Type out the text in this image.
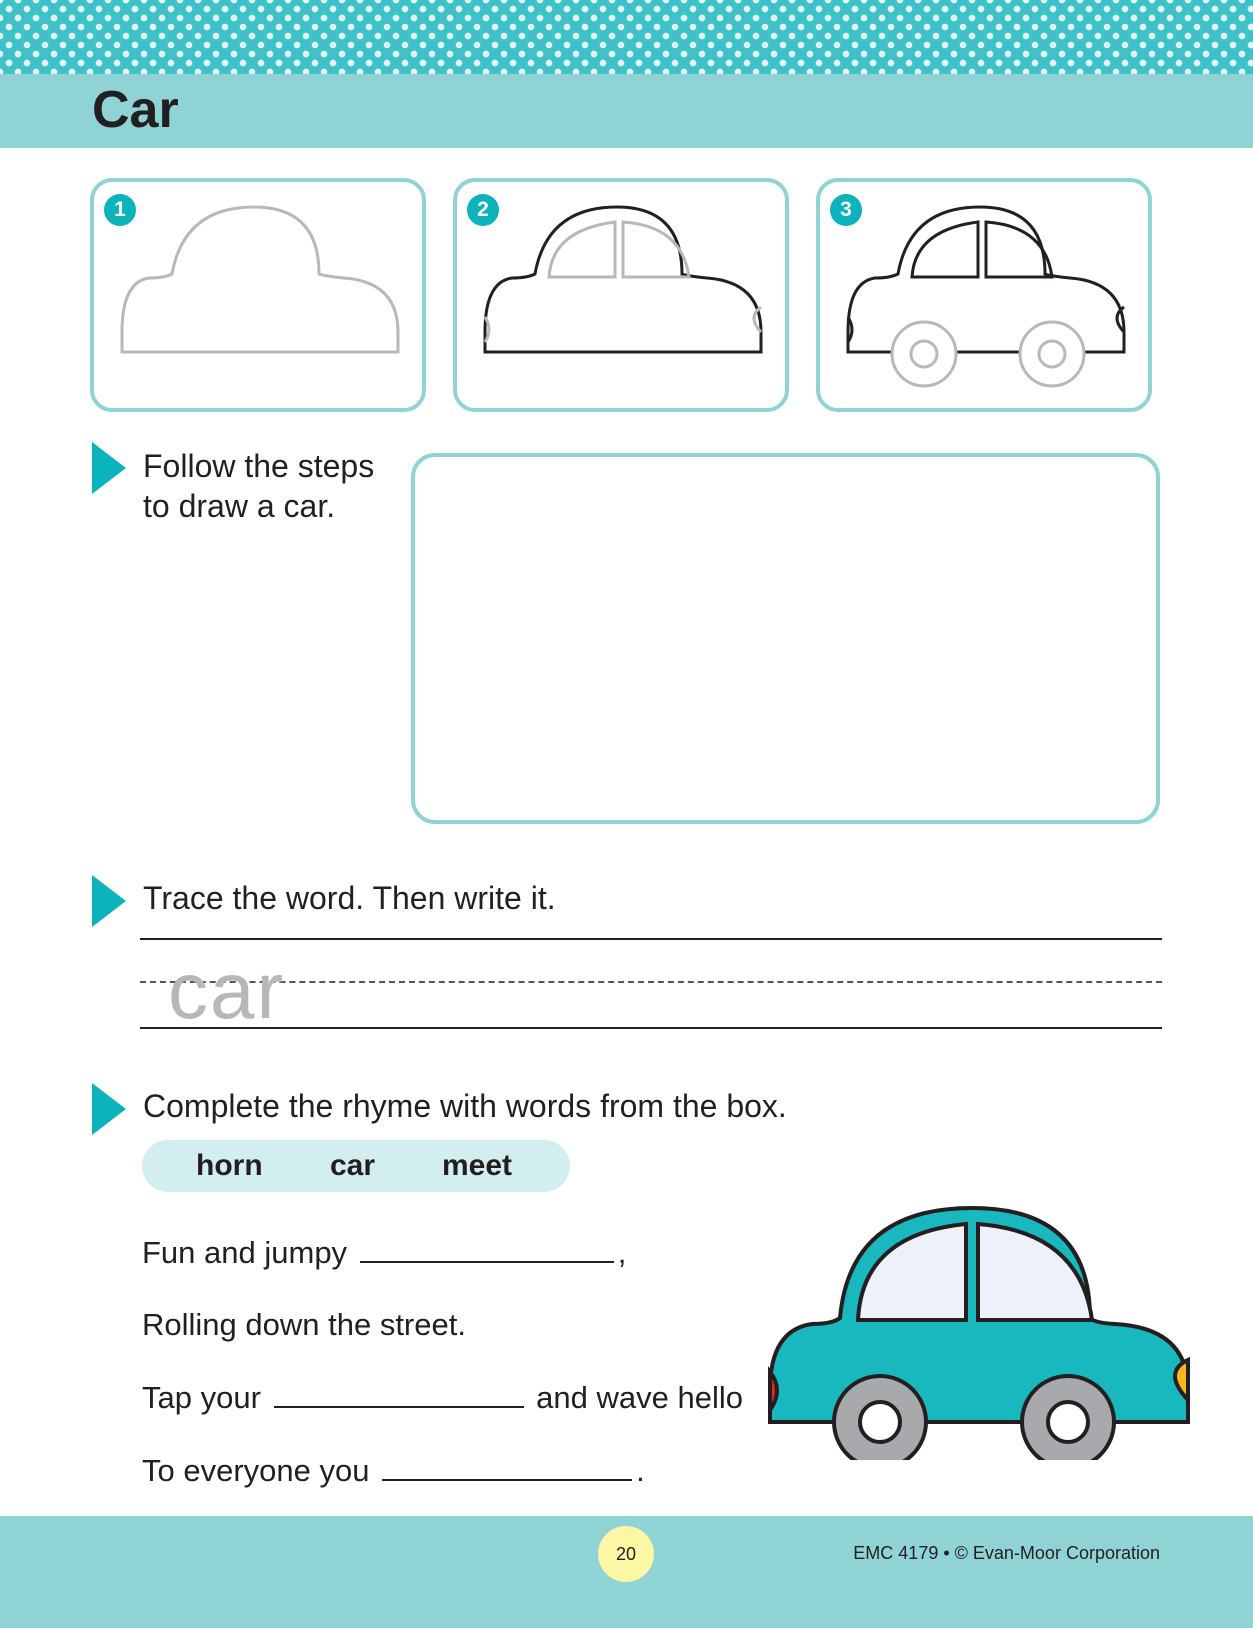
Car
1	2	3

Follow the steps

to draw a car.

Trace the word. Then write it.

car

Complete the rhyme with words from the box.

horn car meet
Fun and jumpy	,
Rolling down the street.
Tap your	and wave hello
To everyone you	.
20	EMC 4179 • © Evan-Moor Corporation
